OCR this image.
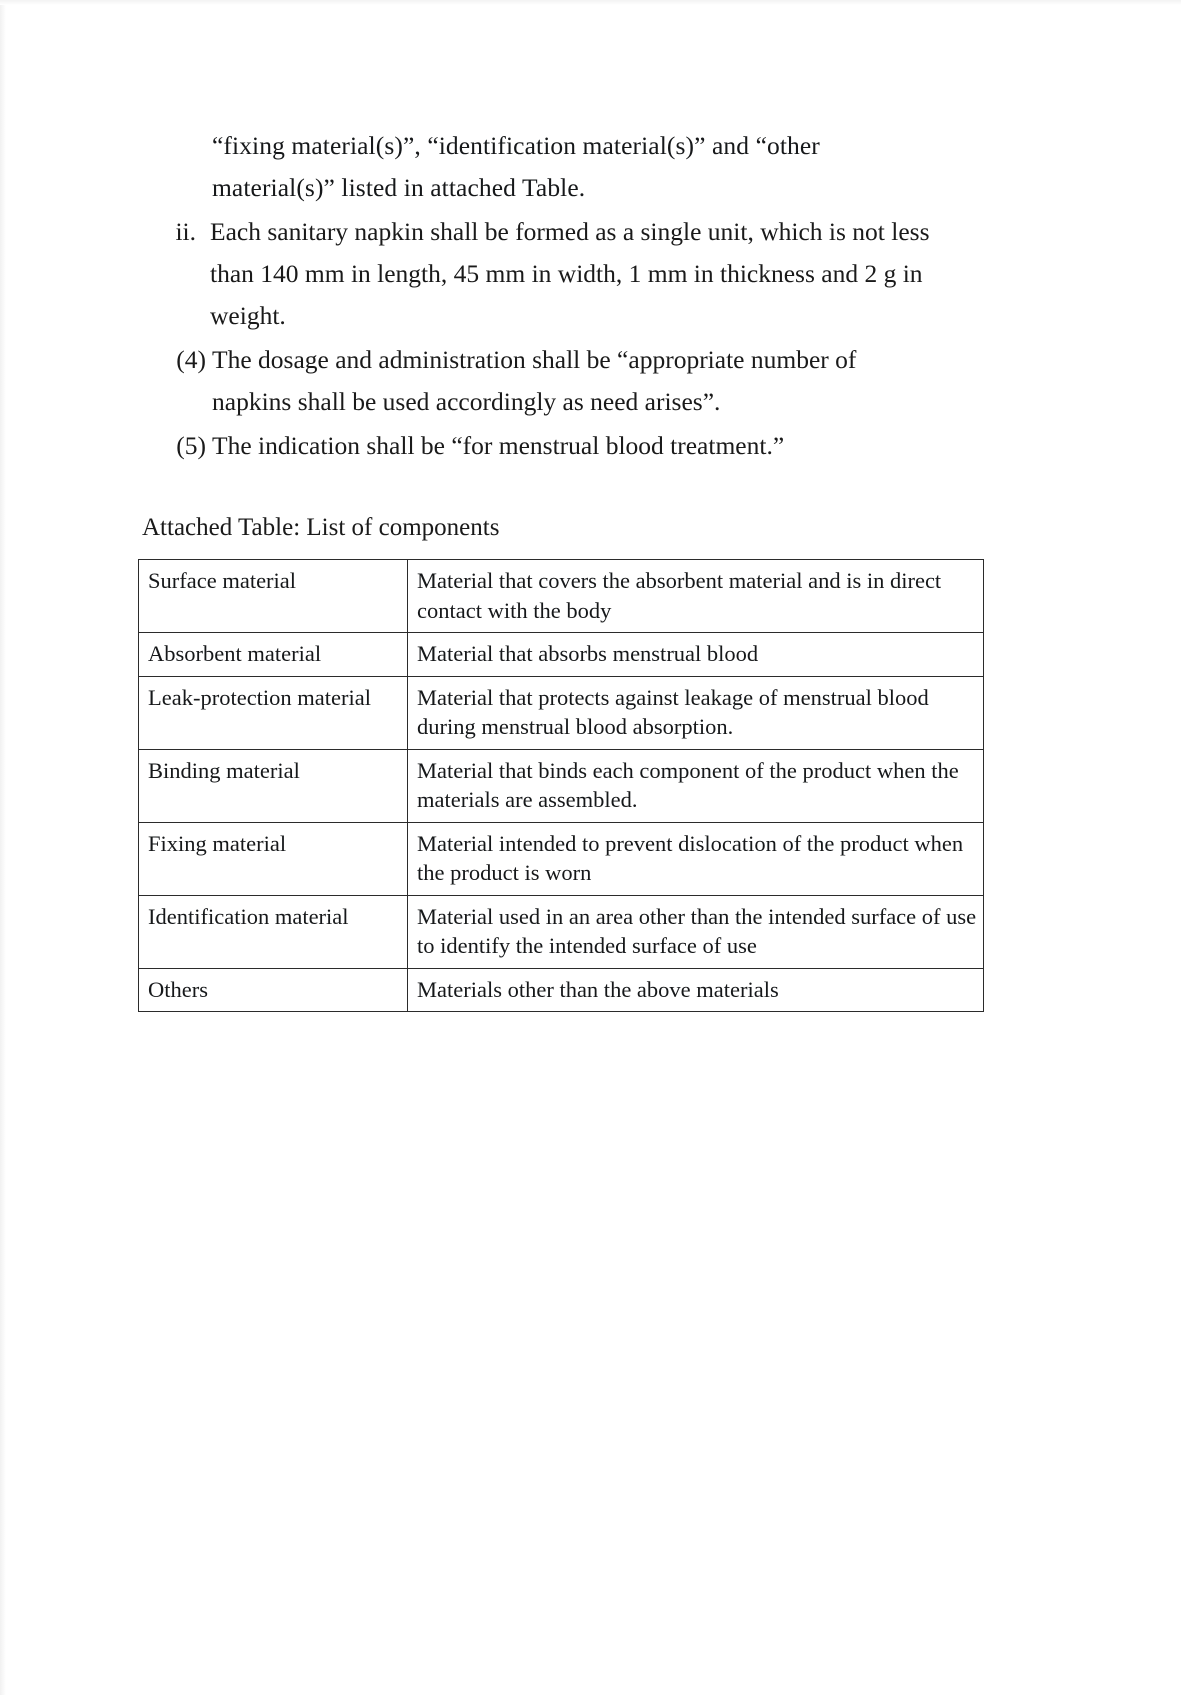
“fixing material(s)”, “identification material(s)” and “other
material(s)” listed in attached Table.
ii. Each sanitary napkin shall be formed as a single unit, which is not less
than 140 mm in length, 45 mm in width, 1 mm in thickness and 2 g in
weight.
(4) The dosage and administration shall be “appropriate number of
napkins shall be used accordingly as need arises”.
(5) The indication shall be “for menstrual blood treatment.”
Attached Table: List of components
Surface material	Material that covers the absorbent material and is in direct
contact with the body

Absorbent material	Material that absorbs menstrual blood

Leak-protection material	Material that protects against leakage of menstrual blood
during menstrual blood absorption.

Binding material	Material that binds each component of the product when the
materials are assembled.

Fixing material	Material intended to prevent dislocation of the product when
the product is worn

Identification material	Material used in an area other than the intended surface of use
to identify the intended surface of use

Others	Materials other than the above materials
